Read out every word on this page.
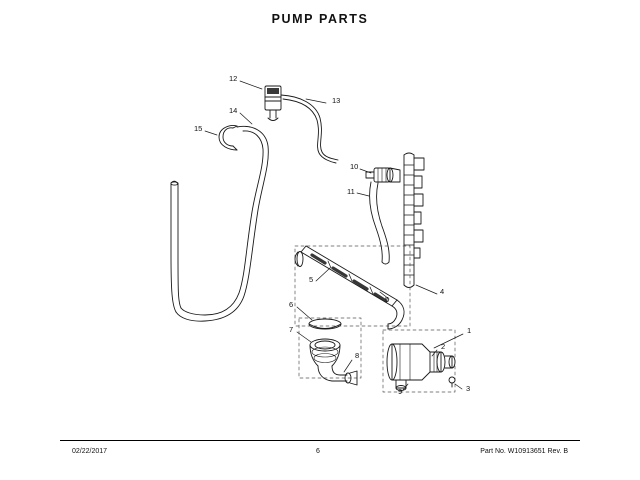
PUMP PARTS
1
2
3
4
5
6
7
8
9
10
11
12
13
14
15
5
02/22/2017	6	Part No. W10913651 Rev. B
